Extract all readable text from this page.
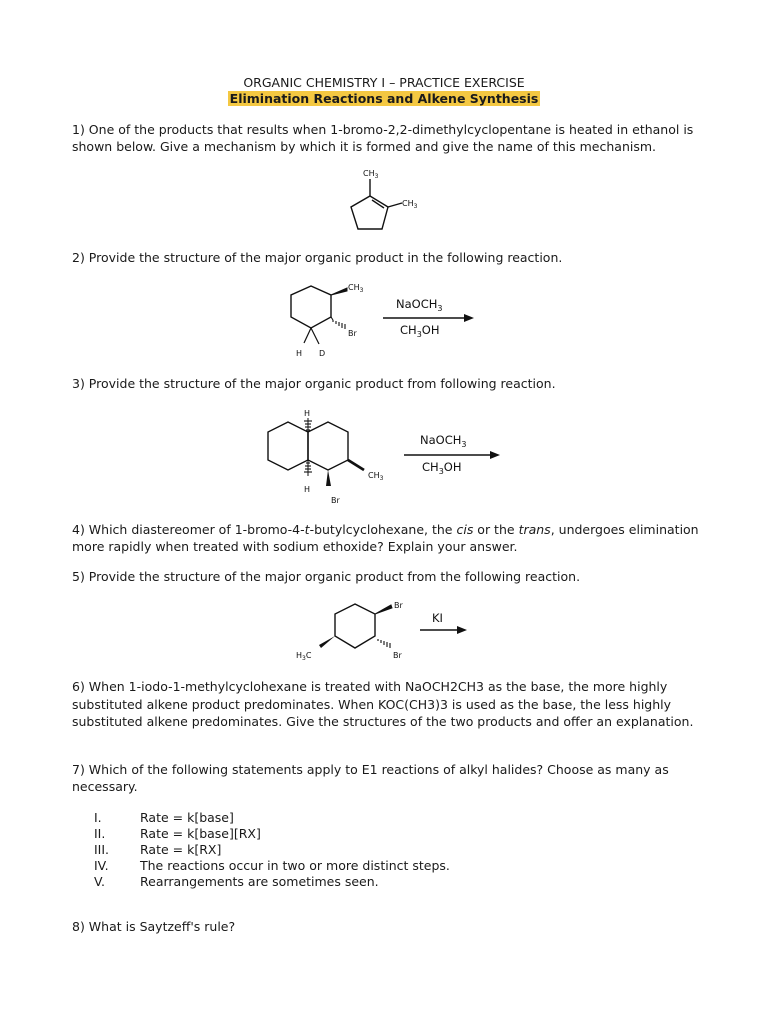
ORGANIC CHEMISTRY I – PRACTICE EXERCISE
Elimination Reactions and Alkene Synthesis
1) One of the products that results when 1-bromo-2,2-dimethylcyclopentane is heated in ethanol is shown below. Give a mechanism by which it is formed and give the name of this mechanism.
$CH_3$
$CH_3$
2) Provide the structure of the major organic product in the following reaction.
$CH_3$
Br
H D
NaOCH$_3$
$CH_3OH$
3) Provide the structure of the major organic product from following reaction.
H
H
Br
$CH_3$
NaOCH$_3$
$CH_3OH$
4) Which diastereomer of 1-bromo-4-t-butylcyclohexane, the cis or the trans, undergoes elimination more rapidly when treated with sodium ethoxide? Explain your answer.
5) Provide the structure of the major organic product from the following reaction.
Br
Br
$H_3C$
KI
6) When 1-iodo-1-methylcyclohexane is treated with NaOCH2CH3 as the base, the more highly substituted alkene product predominates. When KOC(CH3)3 is used as the base, the less highly substituted alkene predominates. Give the structures of the two products and offer an explanation.
7) Which of the following statements apply to E1 reactions of alkyl halides? Choose as many as necessary.
I.	Rate = k[base]
II.	Rate = k[base][RX]
III.	Rate = k[RX]
IV.	The reactions occur in two or more distinct steps.
V.	Rearrangements are sometimes seen.
8) What is Saytzeff's rule?
